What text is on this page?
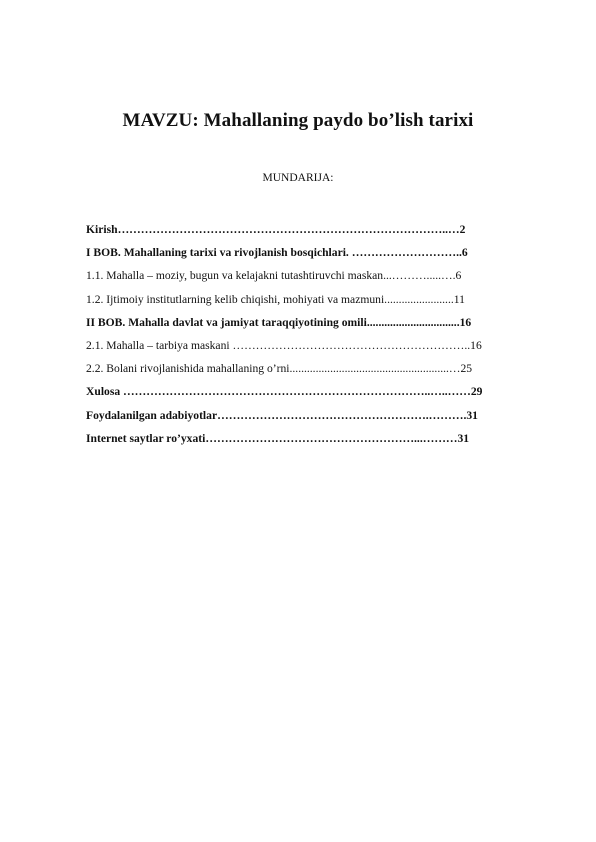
MAVZU: Mahallaning paydo bo’lish tarixi
MUNDARIJA:
Kirish…………………………………………………………………………..…2
I BOB. Mahallaning tarixi va rivojlanish bosqichlari. ………………………..6
1.1. Mahalla – moziy, bugun va kelajakni tutashtiruvchi maskan...……….....….6
1.2. Ijtimoiy institutlarning kelib chiqishi, mohiyati va mazmuni........................11
II BOB. Mahalla davlat va jamiyat taraqqiyotining omili................................16
2.1. Mahalla – tarbiya maskani ……………………………………………………..16
2.2. Bolani rivojlanishida mahallaning o’rni.......................................................…25
Xulosa ……………………………………………………………………..…..……29
Foydalanilgan adabiyotlar……………………………………………….……….31
Internet saytlar ro’yxati………………………………………………...………31
